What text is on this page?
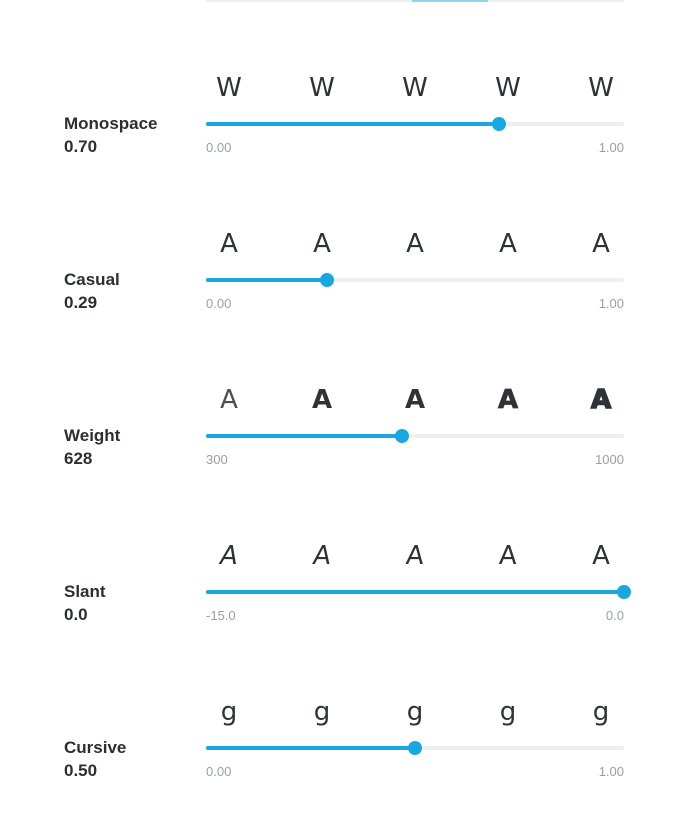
Monospace
0.70
W	W	W	W	W
0.00	1.00
Casual
0.29
A	A	A	A	A
0.00	1.00
Weight
628
A	A	A	A	A
300	1000
Slant
0.0
A	A	A	A	A
-15.0	0.0
Cursive
0.50
g	g	g	g	g
0.00	1.00
